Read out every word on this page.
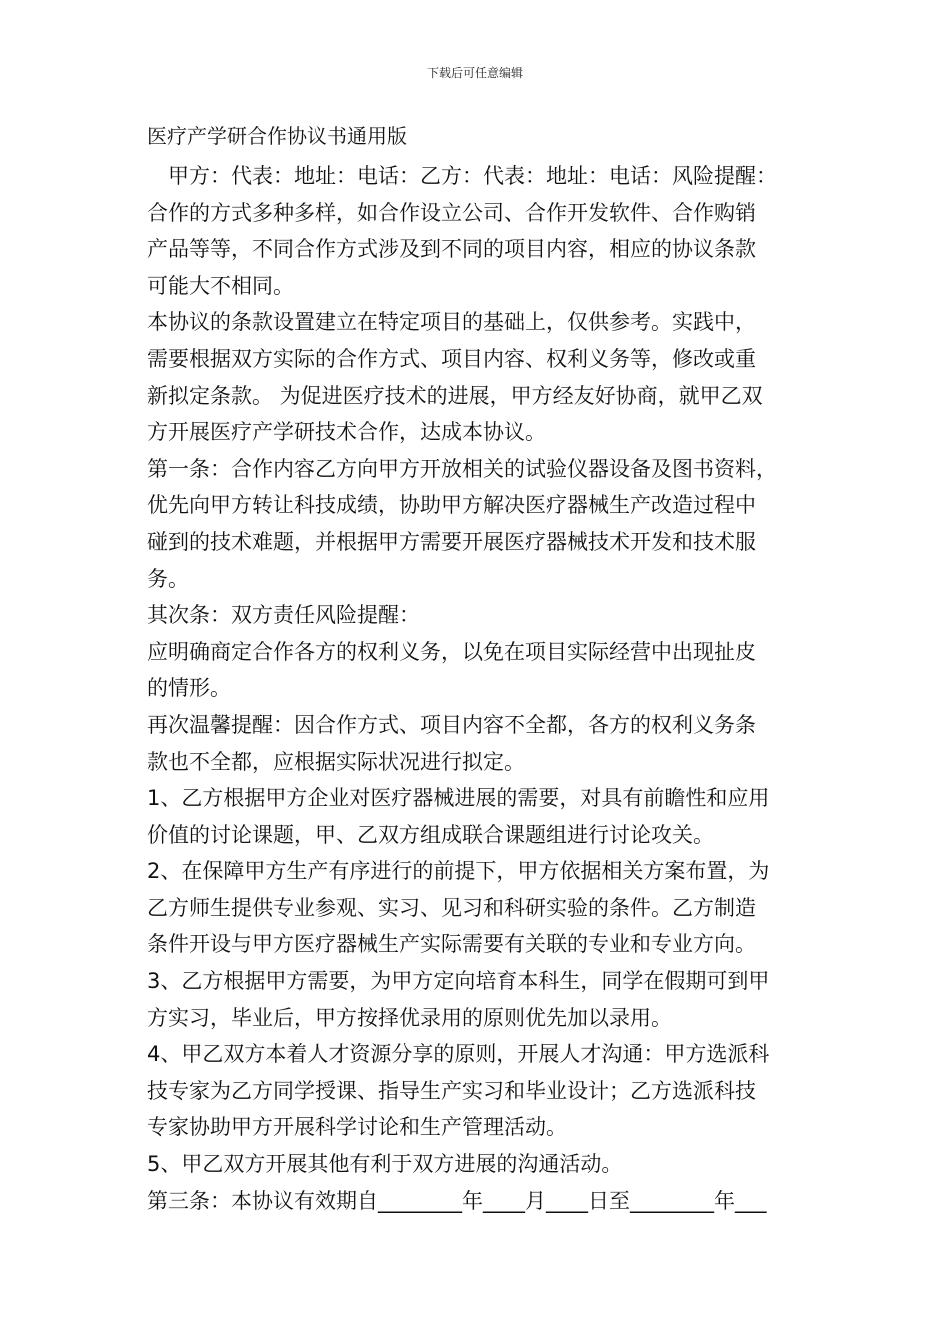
下载后可任意编辑
医疗产学研合作协议书通用版
甲方：代表：地址：电话：乙方：代表：地址：电话：风险提醒：
合作的方式多种多样，如合作设立公司、合作开发软件、合作购销
产品等等，不同合作方式涉及到不同的项目内容，相应的协议条款
可能大不相同。
本协议的条款设置建立在特定项目的基础上，仅供参考。实践中，
需要根据双方实际的合作方式、项目内容、权利义务等，修改或重
新拟定条款。 为促进医疗技术的进展，甲方经友好协商，就甲乙双
方开展医疗产学研技术合作，达成本协议。
第一条：合作内容乙方向甲方开放相关的试验仪器设备及图书资料，
优先向甲方转让科技成绩，协助甲方解决医疗器械生产改造过程中
碰到的技术难题，并根据甲方需要开展医疗器械技术开发和技术服
务。
其次条：双方责任风险提醒：
应明确商定合作各方的权利义务，以免在项目实际经营中出现扯皮
的情形。
再次温馨提醒：因合作方式、项目内容不全都，各方的权利义务条
款也不全都，应根据实际状况进行拟定。
1、乙方根据甲方企业对医疗器械进展的需要，对具有前瞻性和应用
价值的讨论课题，甲、乙双方组成联合课题组进行讨论攻关。
2、在保障甲方生产有序进行的前提下，甲方依据相关方案布置，为
乙方师生提供专业参观、实习、见习和科研实验的条件。乙方制造
条件开设与甲方医疗器械生产实际需要有关联的专业和专业方向。
3、乙方根据甲方需要，为甲方定向培育本科生，同学在假期可到甲
方实习，毕业后，甲方按择优录用的原则优先加以录用。
4、甲乙双方本着人才资源分享的原则，开展人才沟通：甲方选派科
技专家为乙方同学授课、指导生产实习和毕业设计；乙方选派科技
专家协助甲方开展科学讨论和生产管理活动。
5、甲乙双方开展其他有利于双方进展的沟通活动。
第三条：本协议有效期自________年____月____日至________年___
